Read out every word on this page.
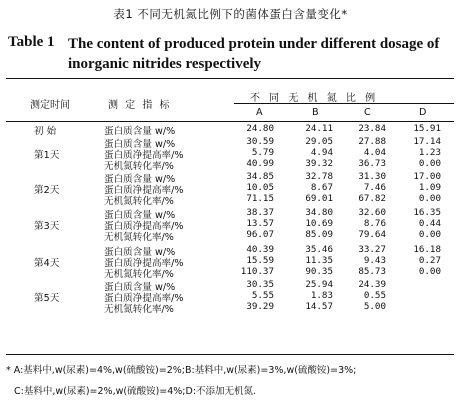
表1 不同无机氮比例下的菌体蛋白含量变化*
Table 1 The content of produced protein under different dosage of inorganic nitrides respectively
不 同 无 机 氮 比 例
测定时间	测 定 指 标
A	B	C	D
初 始	蛋白质含量 w/%	24.80	24.11	23.84	15.91
第1天
蛋白质含量 w/%	30.59	29.05	27.88	17.14
蛋白质净提高率/%	5.79	4.94	4.04	1.23
无机氮转化率/%	40.99	39.32	36.73	0.00
第2天
蛋白质含量 w/%	34.85	32.78	31.30	17.00
蛋白质净提高率/%	10.05	8.67	7.46	1.09
无机氮转化率/%	71.15	69.01	67.82	0.00
第3天
蛋白质含量 w/%	38.37	34.80	32.60	16.35
蛋白质净提高率/%	13.57	10.69	8.76	0.44
无机氮转化率/%	96.07	85.09	79.64	0.00
第4天
蛋白质含量 w/%	40.39	35.46	33.27	16.18
蛋白质净提高率/%	15.59	11.35	9.43	0.27
无机氮转化率/%	110.37	90.35	85.73	0.00
第5天
蛋白质含量 w/%	30.35	25.94	24.39
蛋白质净提高率/%	5.55	1.83	0.55
无机氮转化率/%	39.29	14.57	5.00
* A:基料中,w(尿素)=4%,w(硫酸铵)=2%;B:基料中,w(尿素)=3%,w(硫酸铵)=3%;
C:基料中,w(尿素)=2%,w(硫酸铵)=4%;D:不添加无机氮.
